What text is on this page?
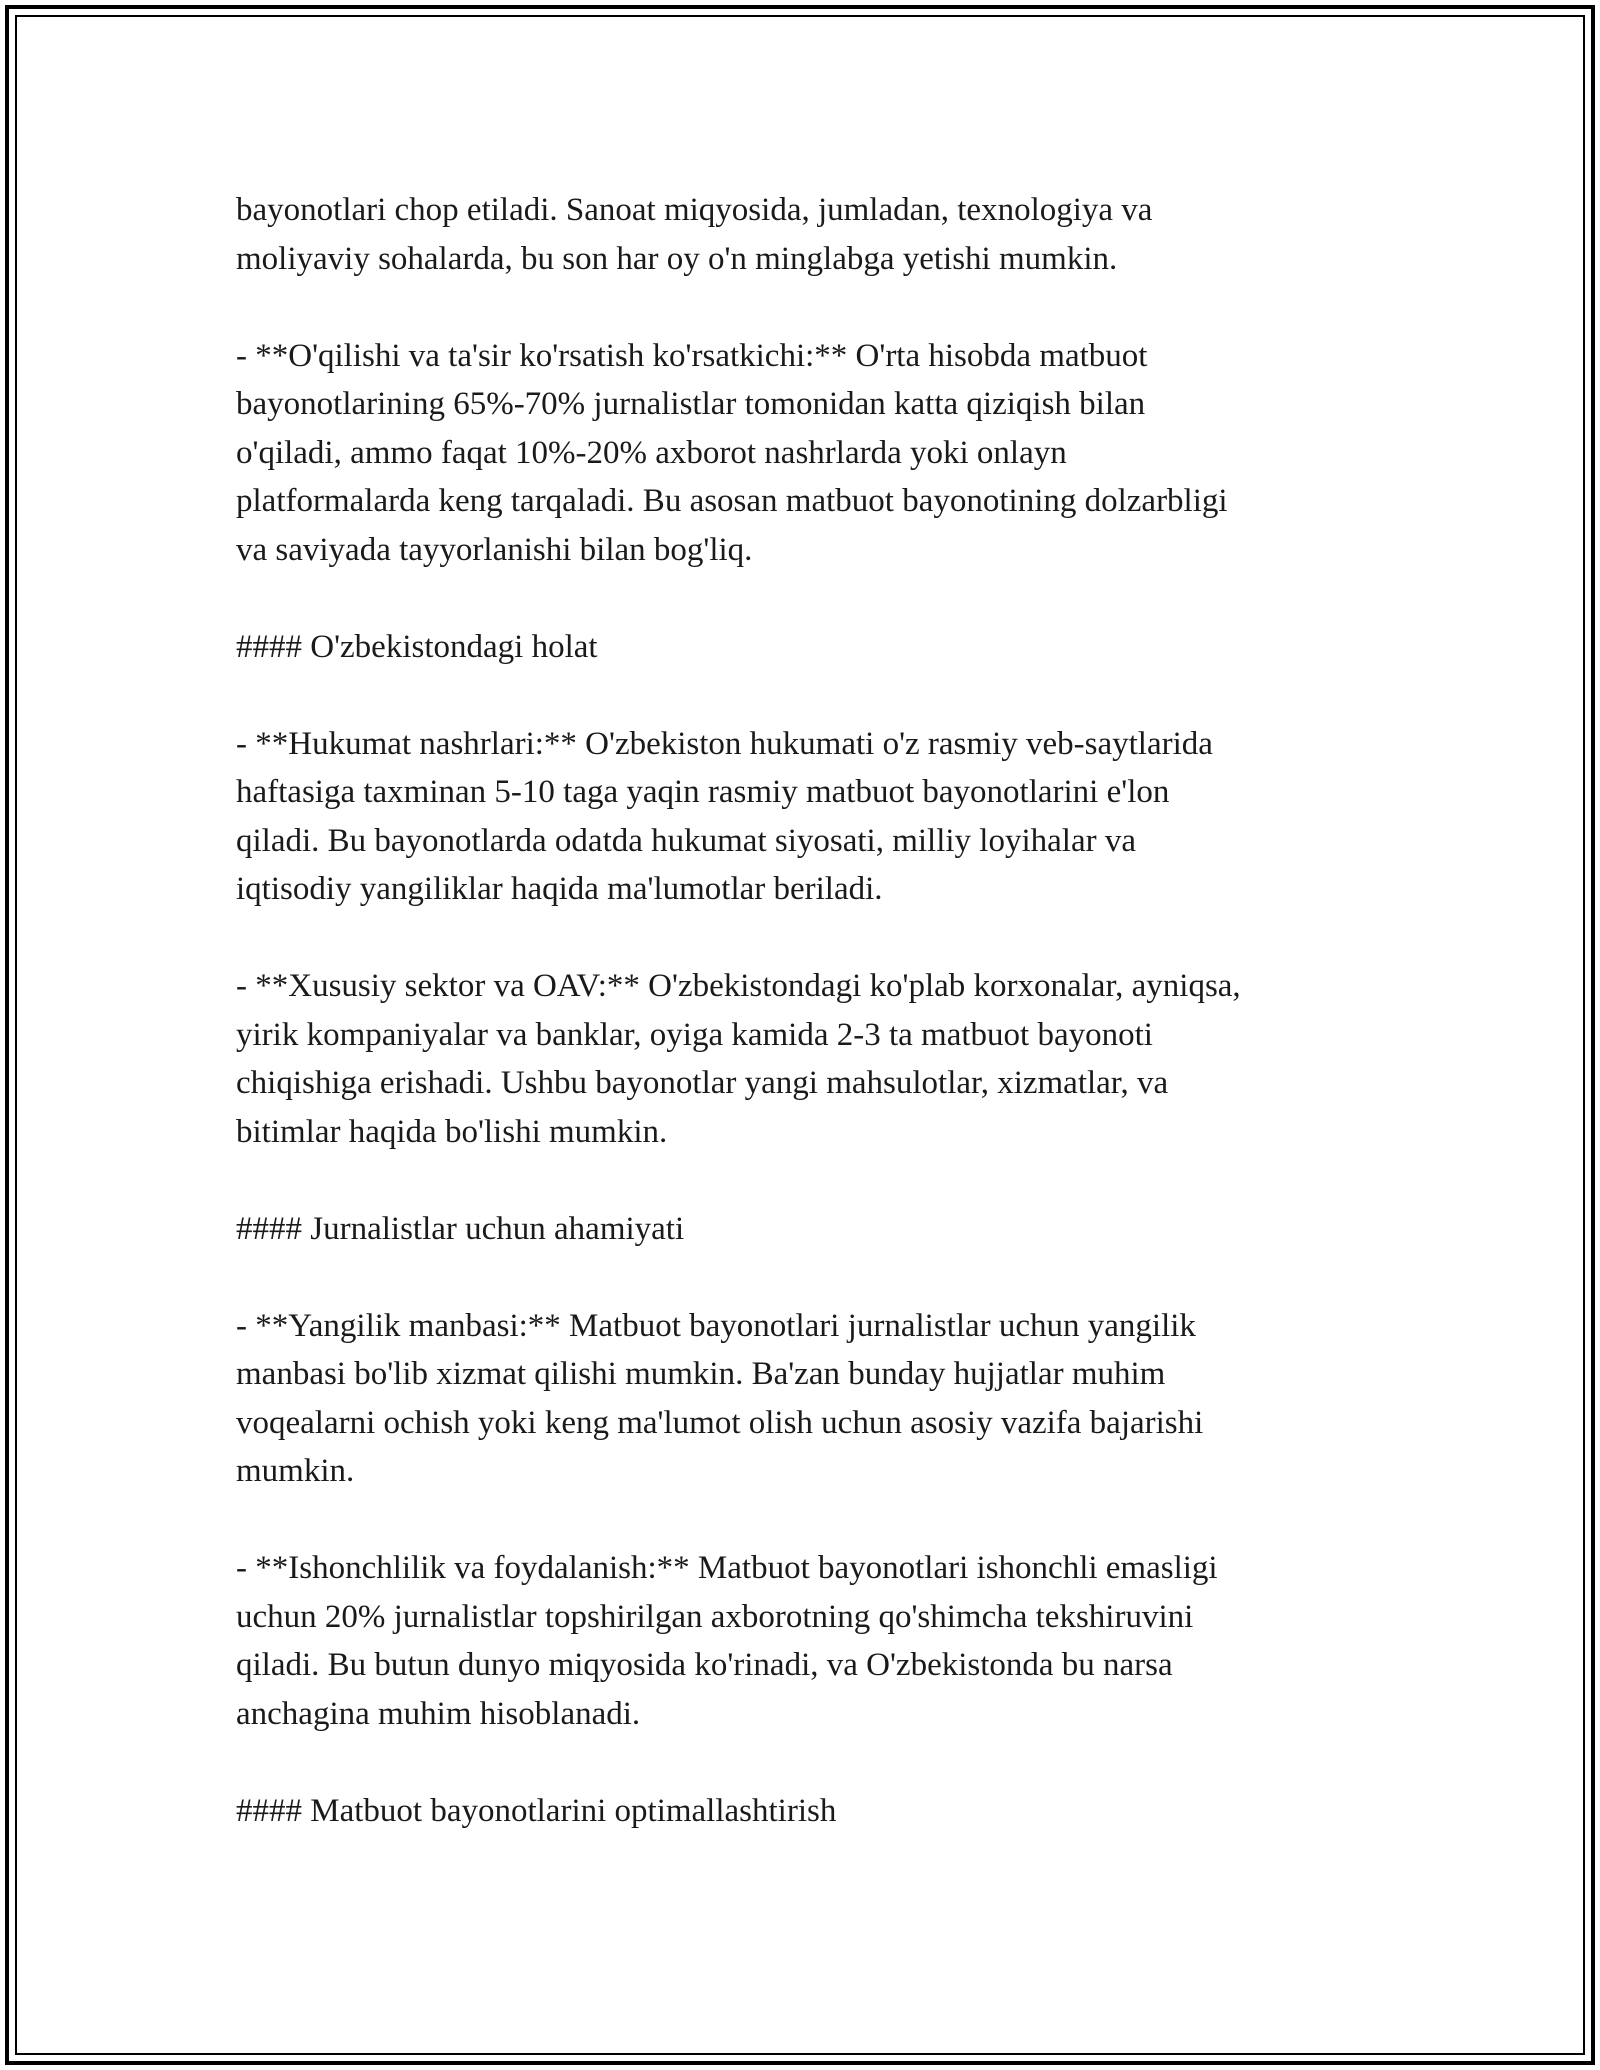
bayonotlari chop etiladi. Sanoat miqyosida, jumladan, texnologiya va
moliyaviy sohalarda, bu son har oy o'n minglabga yetishi mumkin.

- **O'qilishi va ta'sir ko'rsatish ko'rsatkichi:** O'rta hisobda matbuot
bayonotlarining 65%-70% jurnalistlar tomonidan katta qiziqish bilan
o'qiladi, ammo faqat 10%-20% axborot nashrlarda yoki onlayn
platformalarda keng tarqaladi. Bu asosan matbuot bayonotining dolzarbligi
va saviyada tayyorlanishi bilan bog'liq.

#### O'zbekistondagi holat

- **Hukumat nashrlari:** O'zbekiston hukumati o'z rasmiy veb-saytlarida
haftasiga taxminan 5-10 taga yaqin rasmiy matbuot bayonotlarini e'lon
qiladi. Bu bayonotlarda odatda hukumat siyosati, milliy loyihalar va
iqtisodiy yangiliklar haqida ma'lumotlar beriladi.

- **Xususiy sektor va OAV:** O'zbekistondagi ko'plab korxonalar, ayniqsa,
yirik kompaniyalar va banklar, oyiga kamida 2-3 ta matbuot bayonoti
chiqishiga erishadi. Ushbu bayonotlar yangi mahsulotlar, xizmatlar, va
bitimlar haqida bo'lishi mumkin.

#### Jurnalistlar uchun ahamiyati

- **Yangilik manbasi:** Matbuot bayonotlari jurnalistlar uchun yangilik
manbasi bo'lib xizmat qilishi mumkin. Ba'zan bunday hujjatlar muhim
voqealarni ochish yoki keng ma'lumot olish uchun asosiy vazifa bajarishi
mumkin.

- **Ishonchlilik va foydalanish:** Matbuot bayonotlari ishonchli emasligi
uchun 20% jurnalistlar topshirilgan axborotning qo'shimcha tekshiruvini
qiladi. Bu butun dunyo miqyosida ko'rinadi, va O'zbekistonda bu narsa
anchagina muhim hisoblanadi.

#### Matbuot bayonotlarini optimallashtirish
